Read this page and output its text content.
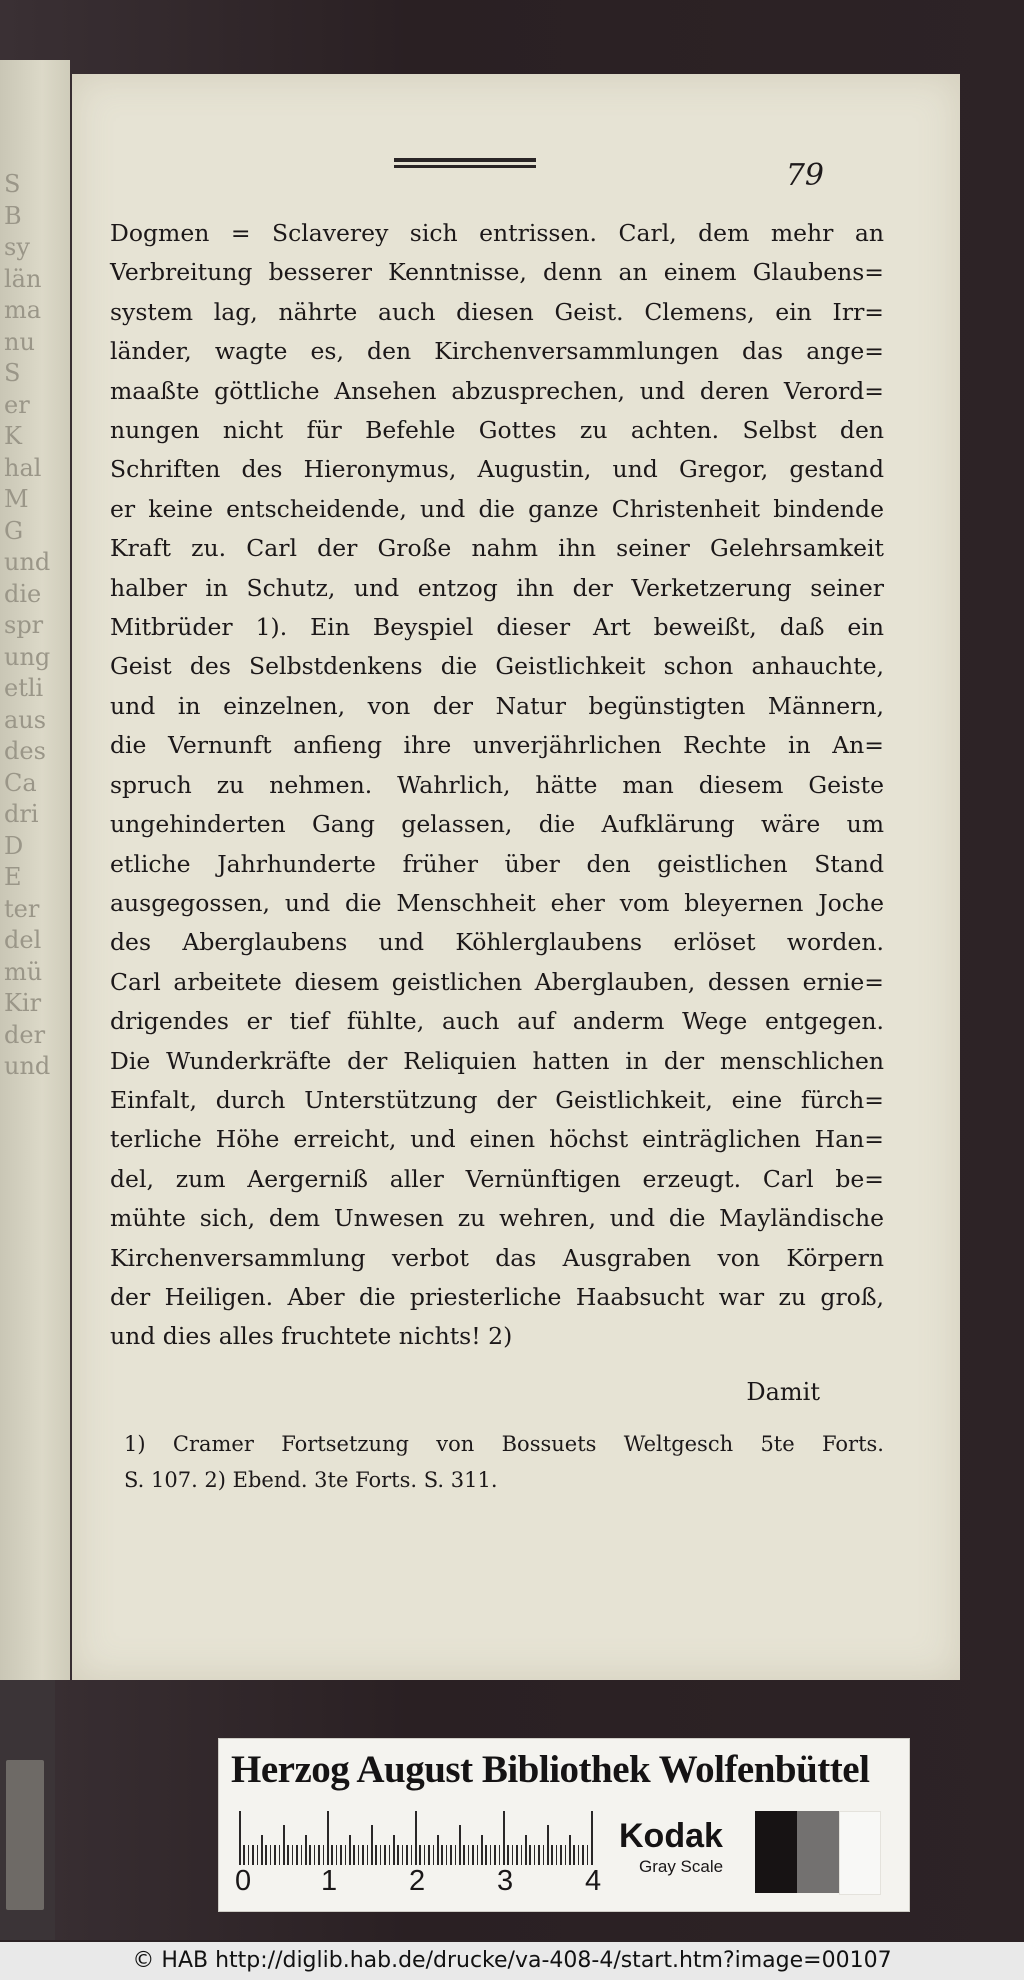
S
B
sy
län
ma
nu
S
er
K
hal
M
G
und
die
spr
ung
etli
aus
des
Ca
dri
D
E
ter
del
mü
Kir
der
und
79
Dogmen = Sclaverey sich entrissen. Carl, dem mehr an
Verbreitung besserer Kenntnisse, denn an einem Glaubens=
system lag, nährte auch diesen Geist. Clemens, ein Irr=
länder, wagte es, den Kirchenversammlungen das ange=
maaßte göttliche Ansehen abzusprechen, und deren Verord=
nungen nicht für Befehle Gottes zu achten. Selbst den
Schriften des Hieronymus, Augustin, und Gregor, gestand
er keine entscheidende, und die ganze Christenheit bindende
Kraft zu. Carl der Große nahm ihn seiner Gelehrsamkeit
halber in Schutz, und entzog ihn der Verketzerung seiner
Mitbrüder 1). Ein Beyspiel dieser Art beweißt, daß ein
Geist des Selbstdenkens die Geistlichkeit schon anhauchte,
und in einzelnen, von der Natur begünstigten Männern,
die Vernunft anfieng ihre unverjährlichen Rechte in An=
spruch zu nehmen. Wahrlich, hätte man diesem Geiste
ungehinderten Gang gelassen, die Aufklärung wäre um
etliche Jahrhunderte früher über den geistlichen Stand
ausgegossen, und die Menschheit eher vom bleyernen Joche
des Aberglaubens und Köhlerglaubens erlöset worden.
Carl arbeitete diesem geistlichen Aberglauben, dessen ernie=
drigendes er tief fühlte, auch auf anderm Wege entgegen.
Die Wunderkräfte der Reliquien hatten in der menschlichen
Einfalt, durch Unterstützung der Geistlichkeit, eine fürch=
terliche Höhe erreicht, und einen höchst einträglichen Han=
del, zum Aergerniß aller Vernünftigen erzeugt. Carl be=
mühte sich, dem Unwesen zu wehren, und die Mayländische
Kirchenversammlung verbot das Ausgraben von Körpern
der Heiligen. Aber die priesterliche Haabsucht war zu groß,
und dies alles fruchtete nichts! 2)
Damit
1) Cramer Fortsetzung von Bossuets Weltgesch 5te Forts.
S. 107. 2) Ebend. 3te Forts. S. 311.
Herzog August Bibliothek Wolfenbüttel
0 1 2 3 4
Kodak
Gray Scale
© HAB http://diglib.hab.de/drucke/va-408-4/start.htm?image=00107
